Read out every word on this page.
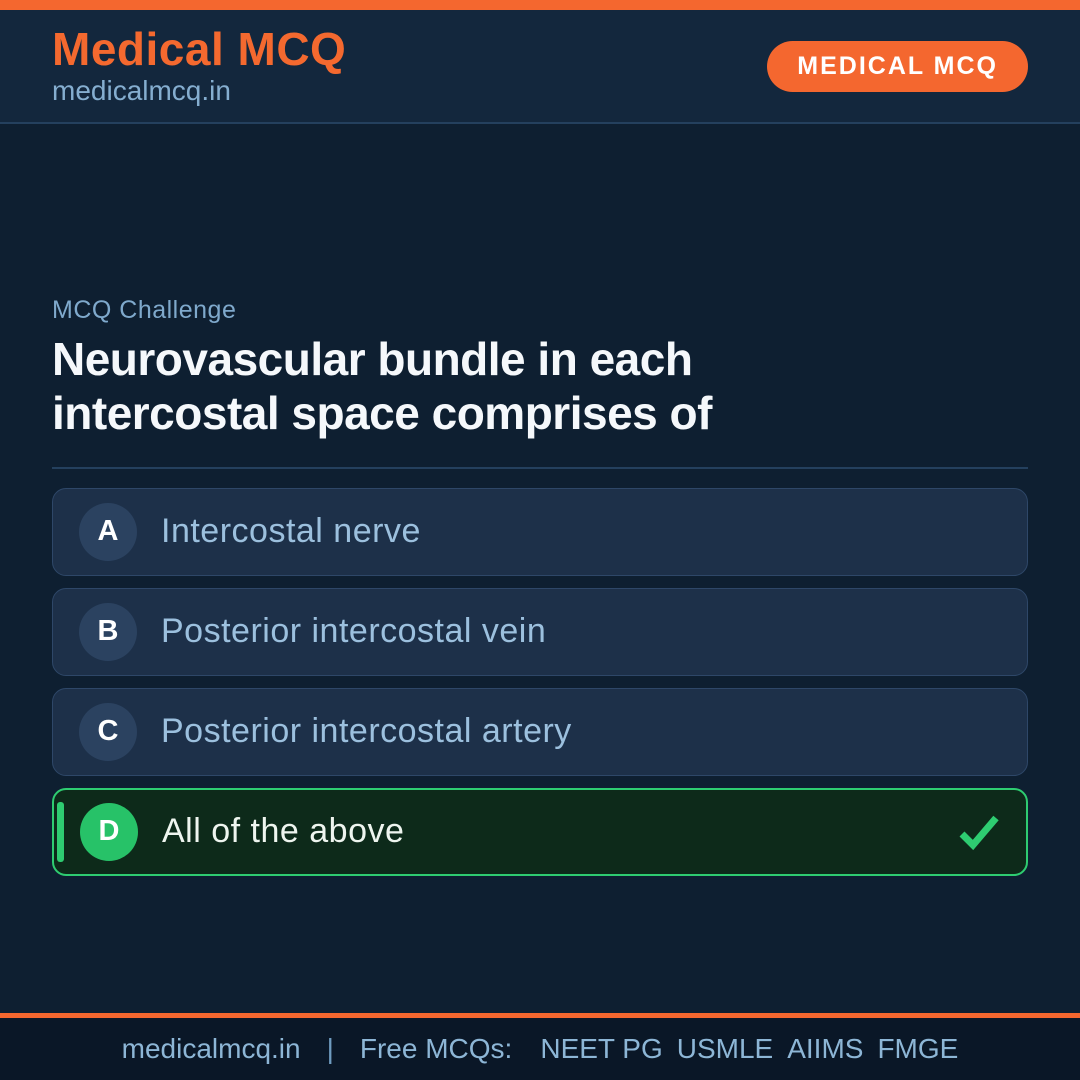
Medical MCQ
medicalmcq.in
MEDICAL MCQ
MCQ Challenge
Neurovascular bundle in each
intercostal space comprises of
A	Intercostal nerve
B	Posterior intercostal vein
C	Posterior intercostal artery
D	All of the above
medicalmcq.in | Free MCQs: NEET PG USMLE AIIMS FMGE
